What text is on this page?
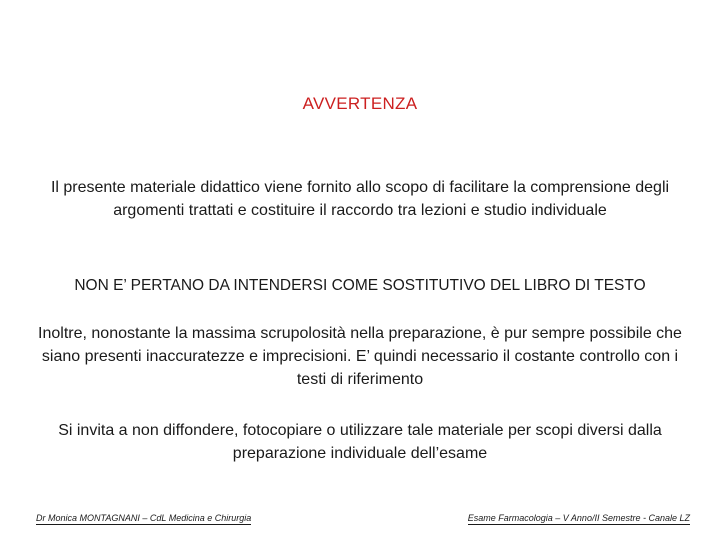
AVVERTENZA
Il presente materiale didattico viene fornito allo scopo di facilitare la comprensione degli argomenti trattati e costituire il raccordo tra lezioni e studio individuale
NON E’ PERTANO DA INTENDERSI COME SOSTITUTIVO DEL LIBRO DI TESTO
Inoltre, nonostante la massima scrupolosità nella preparazione, è pur sempre possibile che siano presenti inaccuratezze e imprecisioni. E’ quindi necessario il costante controllo con i testi di riferimento
Si invita a non diffondere, fotocopiare o utilizzare tale materiale per scopi diversi dalla preparazione individuale dell’esame
Dr Monica MONTAGNANI – CdL Medicina e Chirurgia	Esame Farmacologia – V Anno/II Semestre - Canale LZ
